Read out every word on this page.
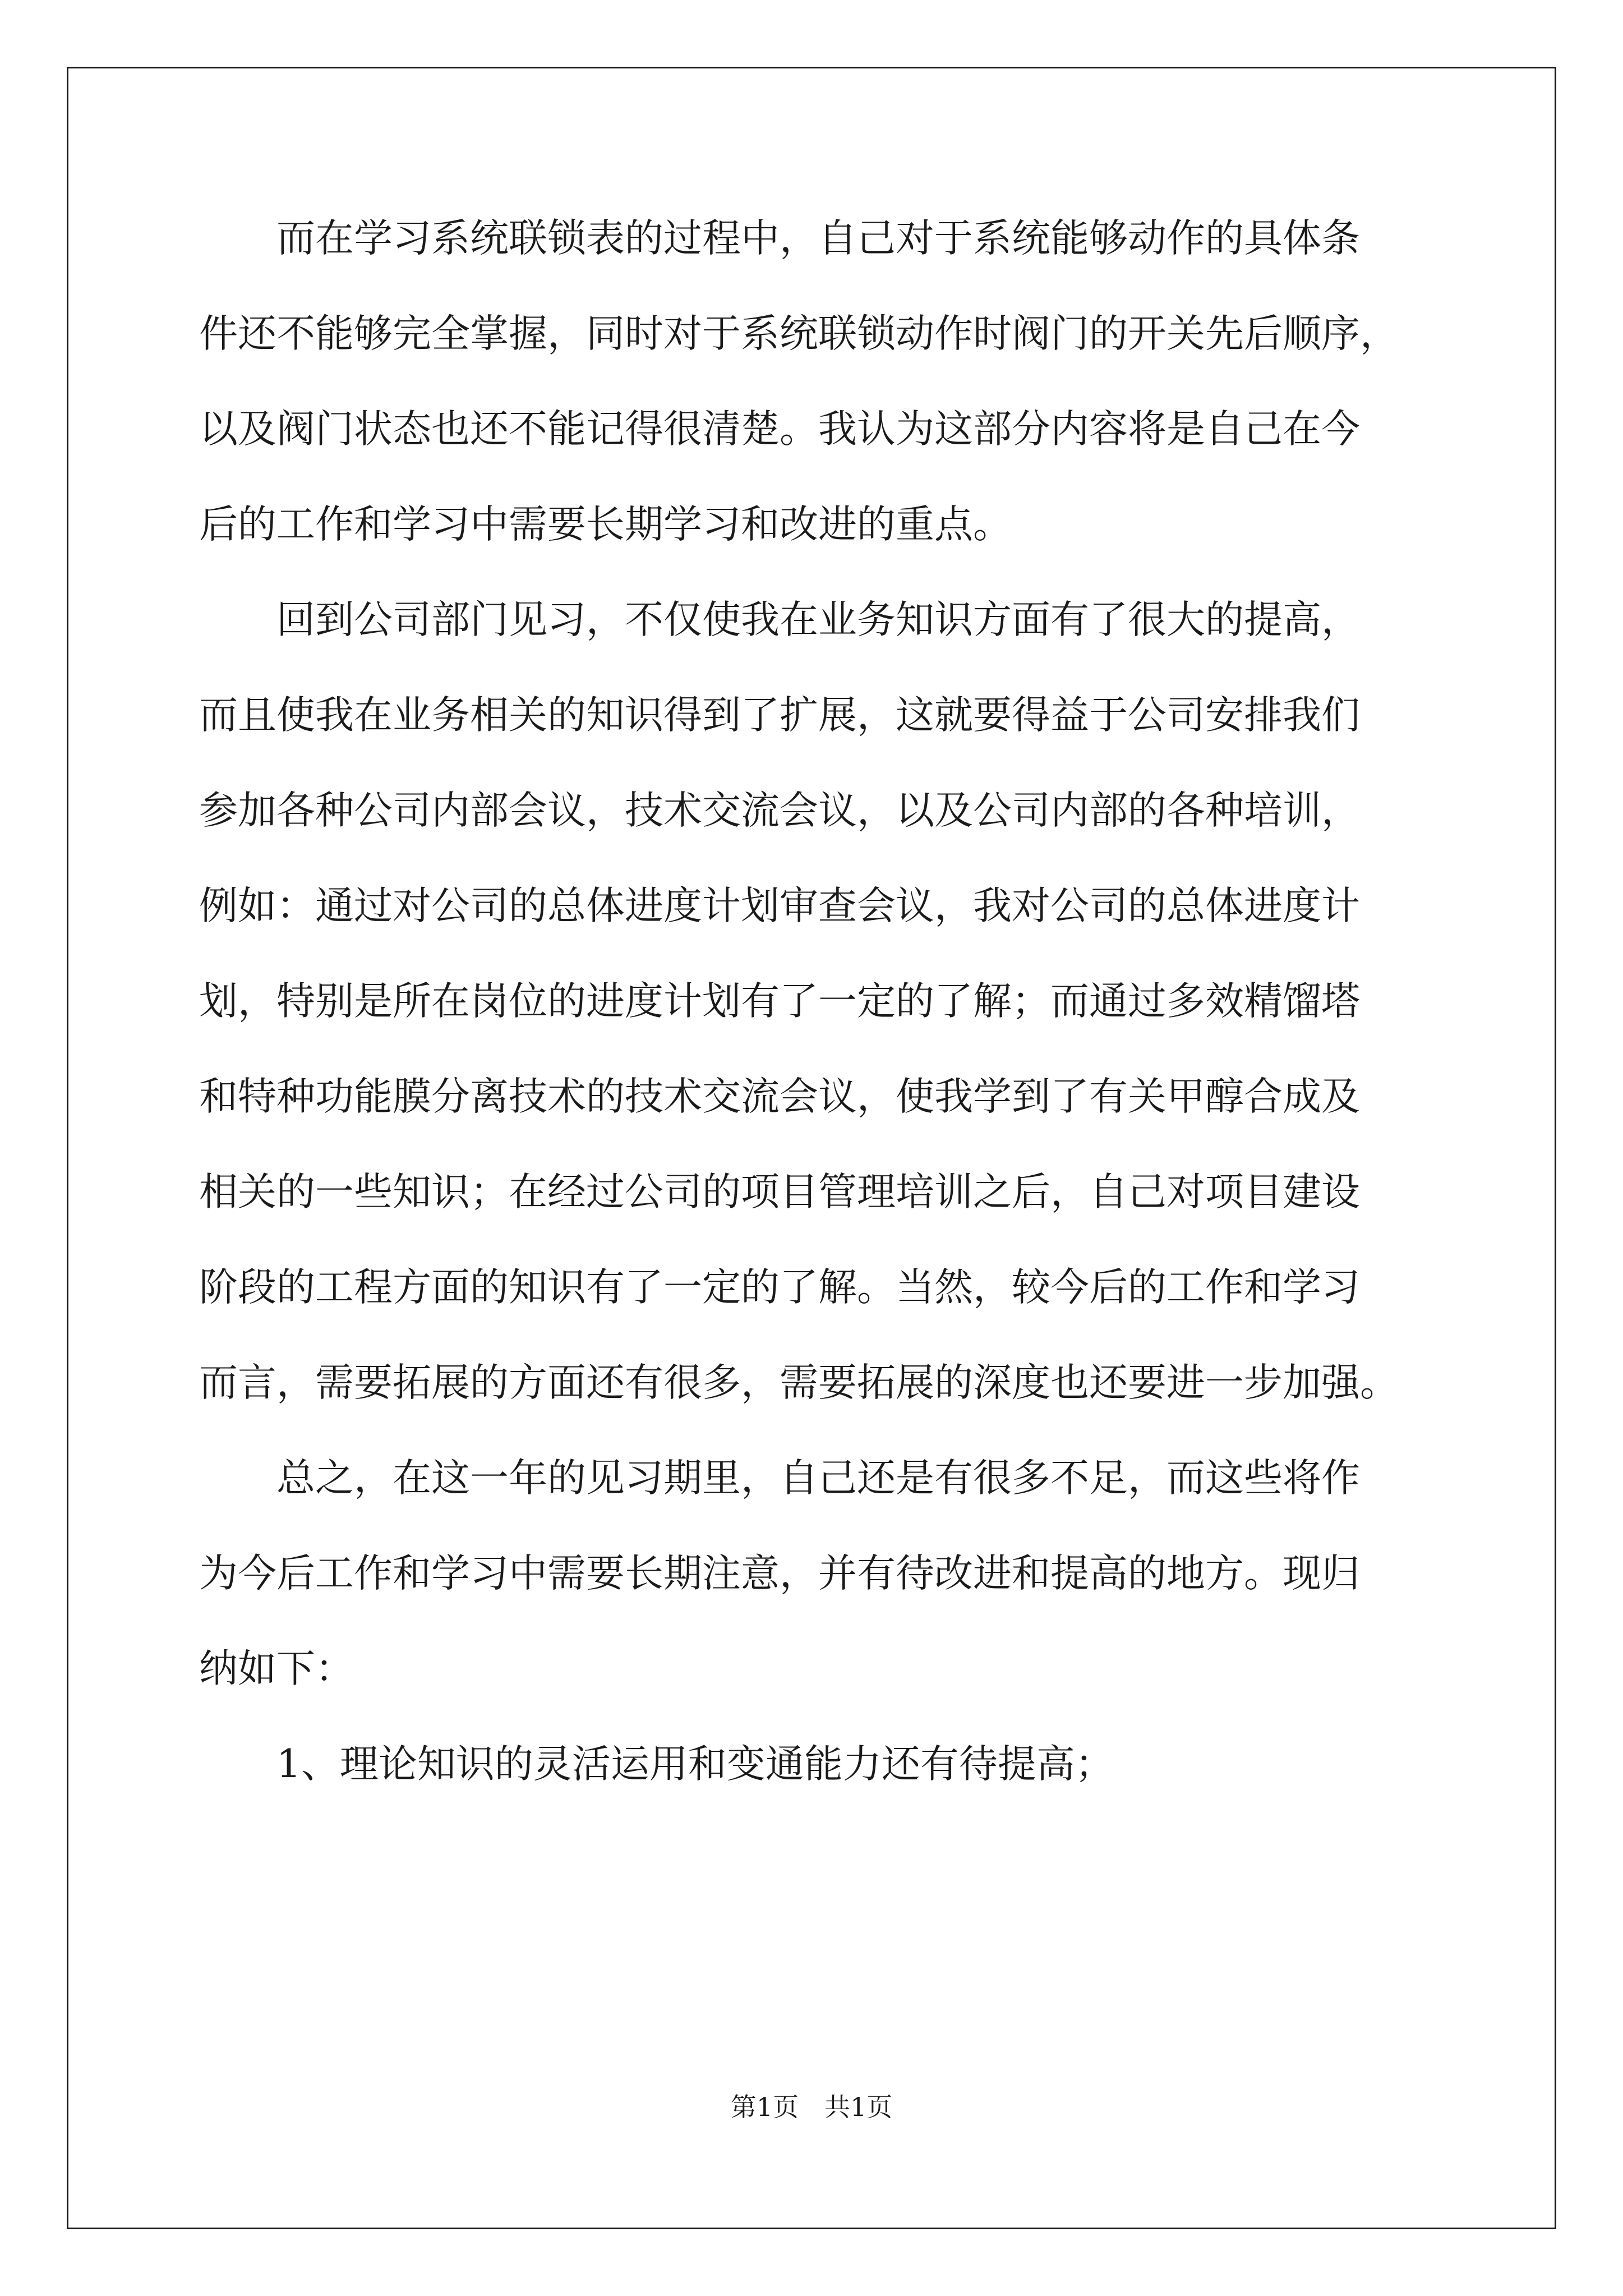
　　而在学习系统联锁表的过程中，自己对于系统能够动作的具体条
件还不能够完全掌握，同时对于系统联锁动作时阀门的开关先后顺序，
以及阀门状态也还不能记得很清楚。我认为这部分内容将是自己在今
后的工作和学习中需要长期学习和改进的重点。
　　回到公司部门见习，不仅使我在业务知识方面有了很大的提高，
而且使我在业务相关的知识得到了扩展，这就要得益于公司安排我们
参加各种公司内部会议，技术交流会议，以及公司内部的各种培训，
例如：通过对公司的总体进度计划审查会议，我对公司的总体进度计
划，特别是所在岗位的进度计划有了一定的了解；而通过多效精馏塔
和特种功能膜分离技术的技术交流会议，使我学到了有关甲醇合成及
相关的一些知识；在经过公司的项目管理培训之后，自己对项目建设
阶段的工程方面的知识有了一定的了解。当然，较今后的工作和学习
而言，需要拓展的方面还有很多，需要拓展的深度也还要进一步加强。
　　总之，在这一年的见习期里，自己还是有很多不足，而这些将作
为今后工作和学习中需要长期注意，并有待改进和提高的地方。现归
纳如下：
　　1、理论知识的灵活运用和变通能力还有待提高；
第1页　共1页
